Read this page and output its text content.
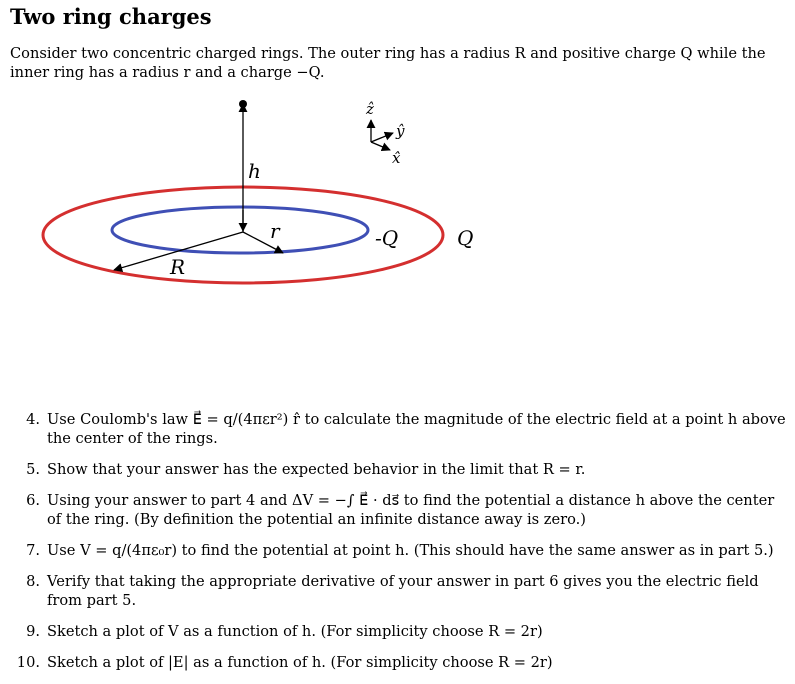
Two ring charges
Consider two concentric charged rings. The outer ring has a radius R and positive charge Q while the inner ring has a radius r and a charge −Q.
h
r
R
-Q	Q
ẑ
ŷ
x̂
4. Use Coulomb's law E⃗ = q/(4πεr²) r̂ to calculate the magnitude of the electric field at a point h above the center of the rings.
5. Show that your answer has the expected behavior in the limit that R = r.
6. Using your answer to part 4 and ΔV = −∫ E⃗ · ds⃗ to find the potential a distance h above the center of the ring. (By definition the potential an infinite distance away is zero.)
7. Use V = q/(4πε₀r) to find the potential at point h. (This should have the same answer as in part 5.)
8. Verify that taking the appropriate derivative of your answer in part 6 gives you the electric field from part 5.
9. Sketch a plot of V as a function of h. (For simplicity choose R = 2r)
10. Sketch a plot of |E| as a function of h. (For simplicity choose R = 2r)
